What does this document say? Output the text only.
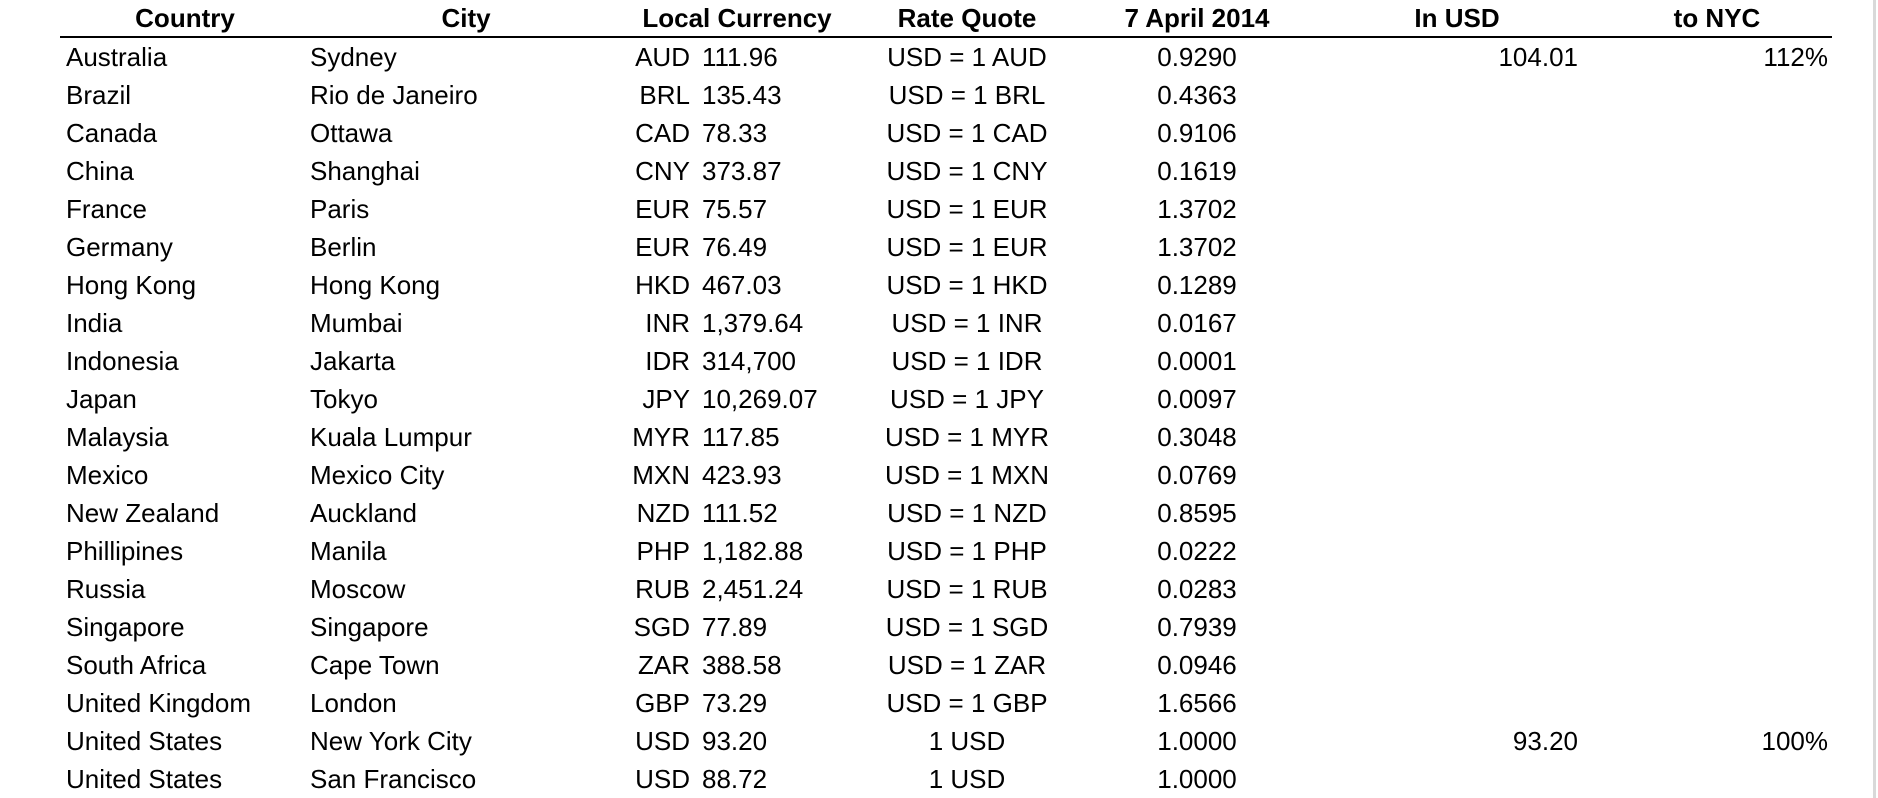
Country	City	Local Currency		Rate Quote	7 April 2014	In USD	to NYC
Australia	Sydney	AUD	111.96	USD = 1 AUD	0.9290	104.01	112%
Brazil	Rio de Janeiro	BRL	135.43	USD = 1 BRL	0.4363		
Canada	Ottawa	CAD	78.33	USD = 1 CAD	0.9106		
China	Shanghai	CNY	373.87	USD = 1 CNY	0.1619		
France	Paris	EUR	75.57	USD = 1 EUR	1.3702		
Germany	Berlin	EUR	76.49	USD = 1 EUR	1.3702		
Hong Kong	Hong Kong	HKD	467.03	USD = 1 HKD	0.1289		
India	Mumbai	INR	1,379.64	USD = 1 INR	0.0167		
Indonesia	Jakarta	IDR	314,700	USD = 1 IDR	0.0001		
Japan	Tokyo	JPY	10,269.07	USD = 1 JPY	0.0097		
Malaysia	Kuala Lumpur	MYR	117.85	USD = 1 MYR	0.3048		
Mexico	Mexico City	MXN	423.93	USD = 1 MXN	0.0769		
New Zealand	Auckland	NZD	111.52	USD = 1 NZD	0.8595		
Phillipines	Manila	PHP	1,182.88	USD = 1 PHP	0.0222		
Russia	Moscow	RUB	2,451.24	USD = 1 RUB	0.0283		
Singapore	Singapore	SGD	77.89	USD = 1 SGD	0.7939		
South Africa	Cape Town	ZAR	388.58	USD = 1 ZAR	0.0946		
United Kingdom	London	GBP	73.29	USD = 1 GBP	1.6566		
United States	New York City	USD	93.20	1 USD	1.0000	93.20	100%
United States	San Francisco	USD	88.72	1 USD	1.0000		
